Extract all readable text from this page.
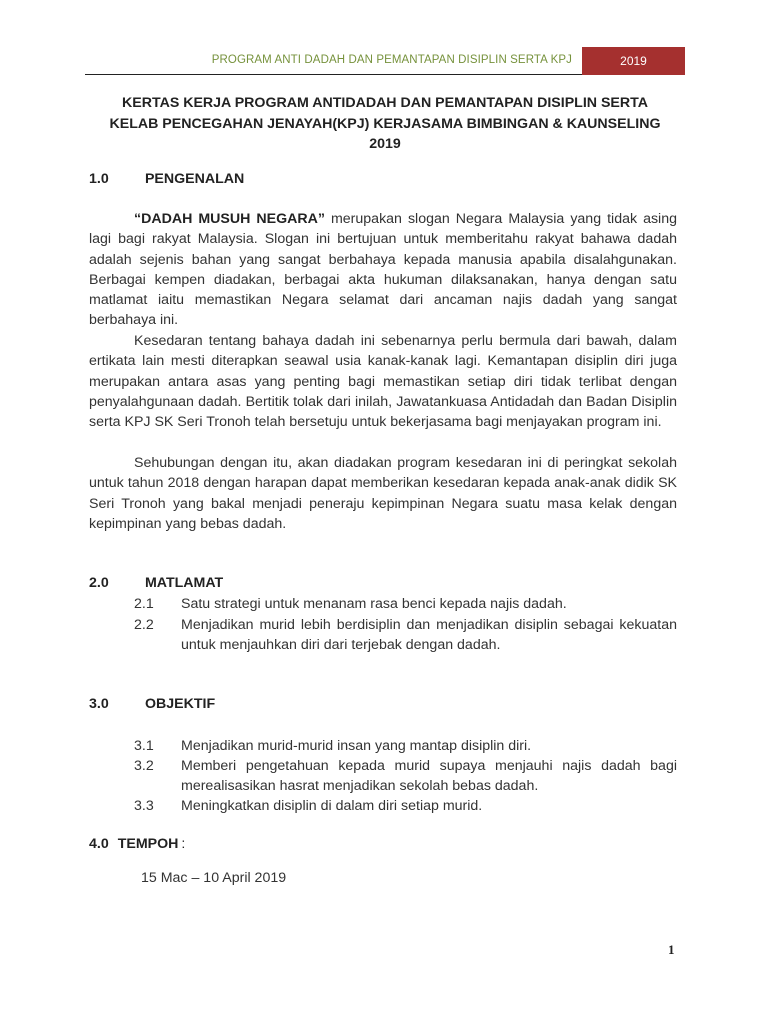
PROGRAM ANTI DADAH DAN PEMANTAPAN DISIPLIN SERTA KPJ	2019
KERTAS KERJA PROGRAM ANTIDADAH DAN PEMANTAPAN DISIPLIN SERTA
KELAB PENCEGAHAN JENAYAH(KPJ) KERJASAMA BIMBINGAN & KAUNSELING
2019
1.0	PENGENALAN

“DADAH MUSUH NEGARA” merupakan slogan Negara Malaysia yang tidak asing lagi bagi rakyat Malaysia. Slogan ini bertujuan untuk memberitahu rakyat bahawa dadah adalah sejenis bahan yang sangat berbahaya kepada manusia apabila disalahgunakan. Berbagai kempen diadakan, berbagai akta hukuman dilaksanakan, hanya dengan satu matlamat iaitu memastikan Negara selamat dari ancaman najis dadah yang sangat berbahaya ini.

Kesedaran tentang bahaya dadah ini sebenarnya perlu bermula dari bawah, dalam ertikata lain mesti diterapkan seawal usia kanak-kanak lagi. Kemantapan disiplin diri juga merupakan antara asas yang penting bagi memastikan setiap diri tidak terlibat dengan penyalahgunaan dadah. Bertitik tolak dari inilah, Jawatankuasa Antidadah dan Badan Disiplin serta KPJ SK Seri Tronoh telah bersetuju untuk bekerjasama bagi menjayakan program ini.

Sehubungan dengan itu, akan diadakan program kesedaran ini di peringkat sekolah untuk tahun 2018 dengan harapan dapat memberikan kesedaran kepada anak-anak didik SK Seri Tronoh yang bakal menjadi peneraju kepimpinan Negara suatu masa kelak dengan kepimpinan yang bebas dadah.

2.0	MATLAMAT
2.1	Satu strategi untuk menanam rasa benci kepada najis dadah.
2.2	Menjadikan murid lebih berdisiplin dan menjadikan disiplin sebagai kekuatan untuk menjauhkan diri dari terjebak dengan dadah.
3.0	OBJEKTIF
3.1	Menjadikan murid-murid insan yang mantap disiplin diri.
3.2	Memberi pengetahuan kepada murid supaya menjauhi najis dadah bagi merealisasikan hasrat menjadikan sekolah bebas dadah.
3.3	Meningkatkan disiplin di dalam diri setiap murid.
4.0 TEMPOH :
15 Mac – 10 April 2019
1
